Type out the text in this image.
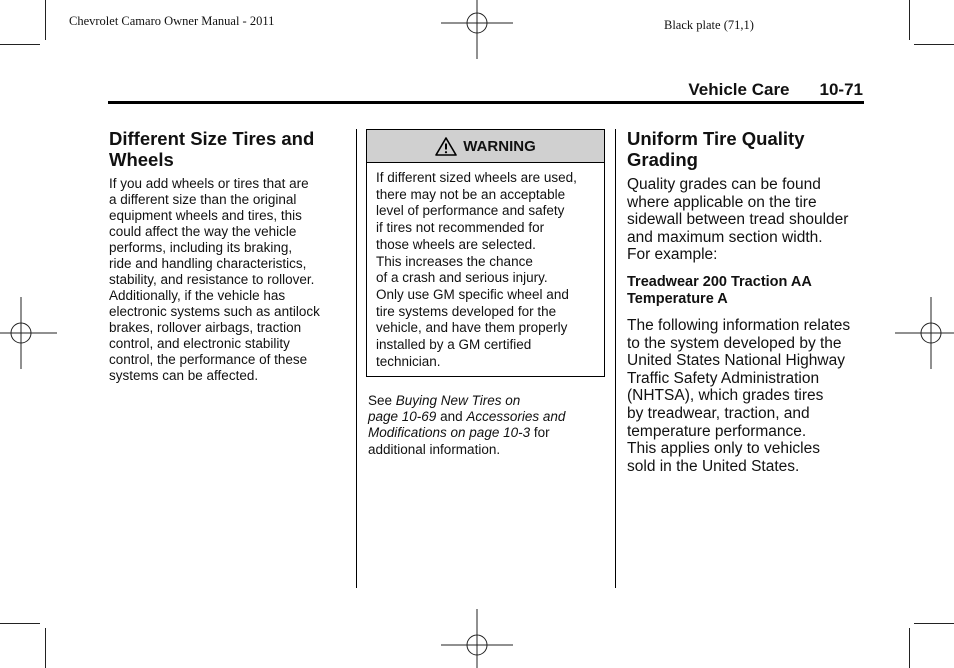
Chevrolet Camaro Owner Manual - 2011	Black plate (71,1)
Vehicle Care 10-71
Different Size Tires and
Wheels
If you add wheels or tires that are
a different size than the original
equipment wheels and tires, this
could affect the way the vehicle
performs, including its braking,
ride and handling characteristics,
stability, and resistance to rollover.
Additionally, if the vehicle has
electronic systems such as antilock
brakes, rollover airbags, traction
control, and electronic stability
control, the performance of these
systems can be affected.
WARNING
If different sized wheels are used,
there may not be an acceptable
level of performance and safety
if tires not recommended for
those wheels are selected.
This increases the chance
of a crash and serious injury.
Only use GM specific wheel and
tire systems developed for the
vehicle, and have them properly
installed by a GM certified
technician.
See Buying New Tires on
page 10-69 and Accessories and
Modifications on page 10-3 for
additional information.
Uniform Tire Quality
Grading
Quality grades can be found
where applicable on the tire
sidewall between tread shoulder
and maximum section width.
For example:
Treadwear 200 Traction AA
Temperature A
The following information relates
to the system developed by the
United States National Highway
Traffic Safety Administration
(NHTSA), which grades tires
by treadwear, traction, and
temperature performance.
This applies only to vehicles
sold in the United States.
